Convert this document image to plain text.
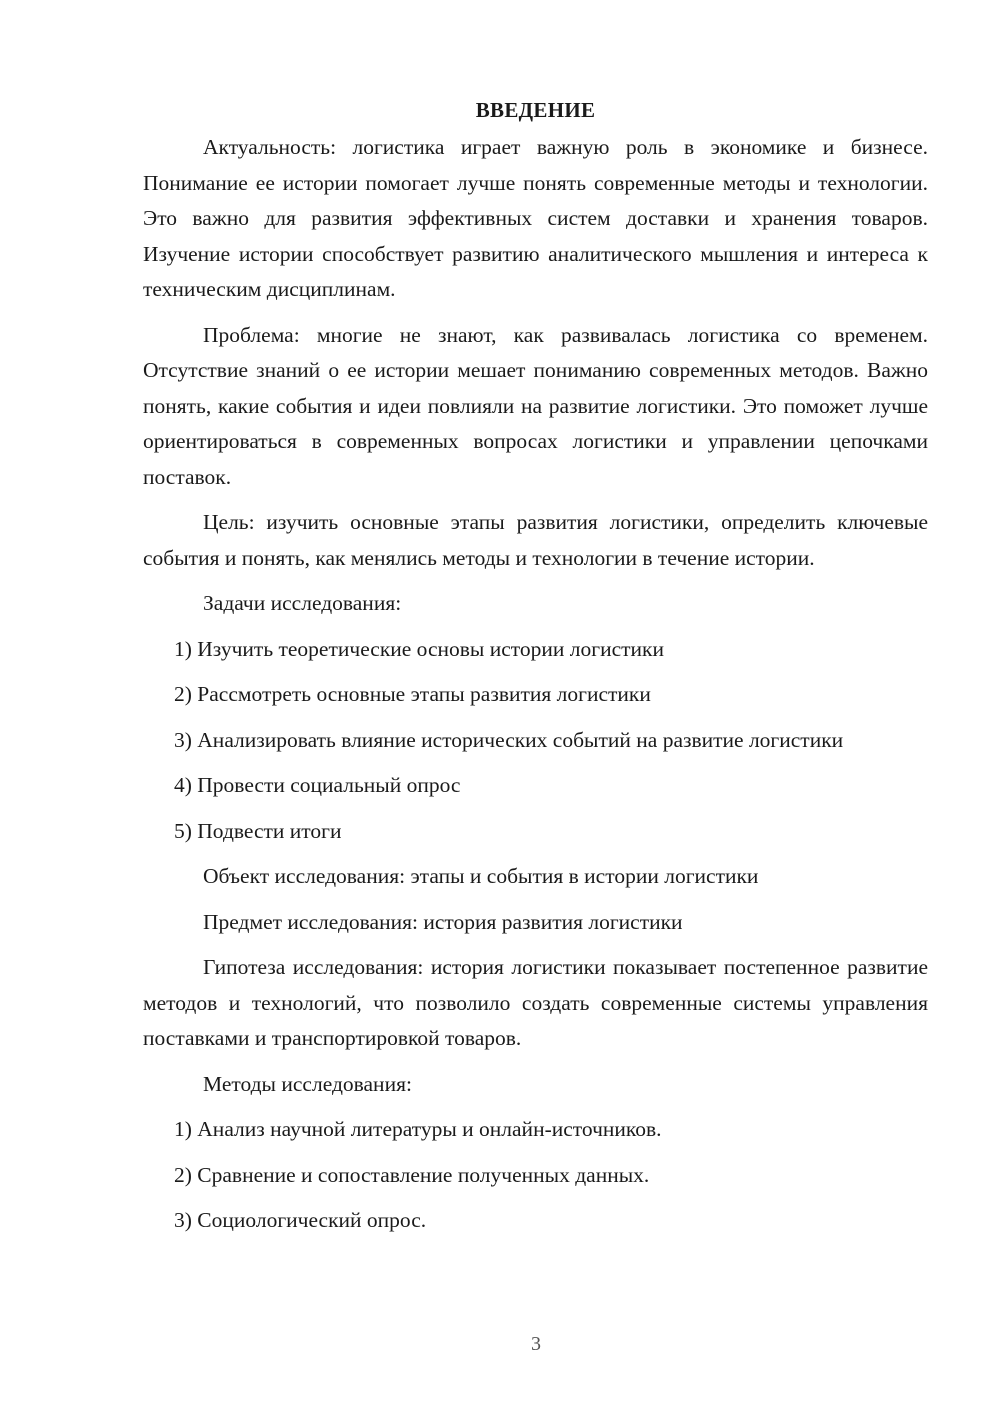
ВВЕДЕНИЕ

Актуальность: логистика играет важную роль в экономике и бизнесе. Понимание ее истории помогает лучше понять современные методы и технологии. Это важно для развития эффективных систем доставки и хранения товаров. Изучение истории способствует развитию аналитического мышления и интереса к техническим дисциплинам.

Проблема: многие не знают, как развивалась логистика со временем. Отсутствие знаний о ее истории мешает пониманию современных методов. Важно понять, какие события и идеи повлияли на развитие логистики. Это поможет лучше ориентироваться в современных вопросах логистики и управлении цепочками поставок.

Цель: изучить основные этапы развития логистики, определить ключевые события и понять, как менялись методы и технологии в течение истории.

Задачи исследования:

1) Изучить теоретические основы истории логистики

2) Рассмотреть основные этапы развития логистики

3) Анализировать влияние исторических событий на развитие логистики

4) Провести социальный опрос

5) Подвести итоги

Объект исследования: этапы и события в истории логистики

Предмет исследования: история развития логистики

Гипотеза исследования: история логистики показывает постепенное развитие методов и технологий, что позволило создать современные системы управления поставками и транспортировкой товаров.

Методы исследования:

1) Анализ научной литературы и онлайн-источников.

2) Сравнение и сопоставление полученных данных.

3) Социологический опрос.

3
